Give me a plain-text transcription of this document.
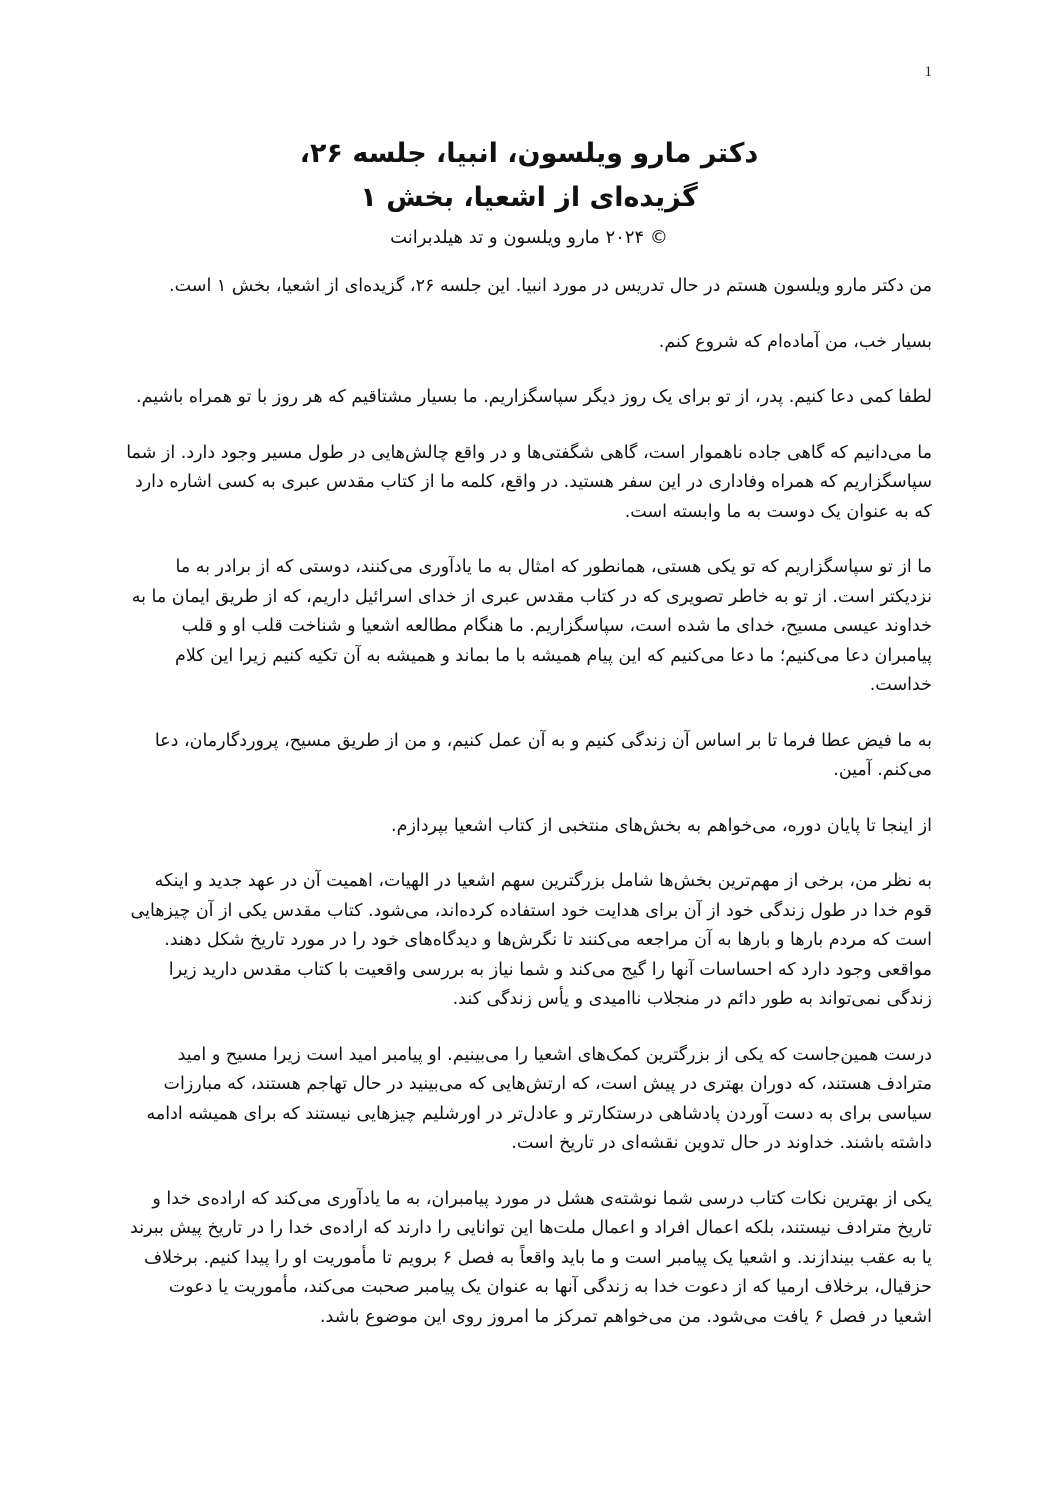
1

دکتر مارو ویلسون، انبیا، جلسه ۲۶،

گزیده‌ای از اشعیا، بخش ۱

© ۲۰۲۴ مارو ویلسون و تد هیلدبرانت

من دکتر مارو ویلسون هستم در حال تدریس در مورد انبیا. این جلسه ۲۶، گزیده‌ای از اشعیا، بخش ۱ است.

بسیار خب، من آماده‌ام که شروع کنم.

لطفا کمی دعا کنیم. پدر، از تو برای یک روز دیگر سپاسگزاریم. ما بسیار مشتاقیم که هر روز با تو همراه باشیم.

ما می‌دانیم که گاهی جاده ناهموار است، گاهی شگفتی‌ها و در واقع چالش‌هایی در طول مسیر وجود دارد. از شما سپاسگزاریم که همراه وفاداری در این سفر هستید. در واقع، کلمه ما از کتاب مقدس عبری به کسی اشاره دارد که به عنوان یک دوست به ما وابسته است.

ما از تو سپاسگزاریم که تو یکی هستی، همانطور که امثال به ما یادآوری می‌کنند، دوستی که از برادر به ما نزدیکتر است. از تو به خاطر تصویری که در کتاب مقدس عبری از خدای اسرائیل داریم، که از طریق ایمان ما به خداوند عیسی مسیح، خدای ما شده است، سپاسگزاریم. ما هنگام مطالعه اشعیا و شناخت قلب او و قلب پیامبران دعا می‌کنیم؛ ما دعا می‌کنیم که این پیام همیشه با ما بماند و همیشه به آن تکیه کنیم زیرا این کلام خداست.

به ما فیض عطا فرما تا بر اساس آن زندگی کنیم و به آن عمل کنیم، و من از طریق مسیح، پروردگارمان، دعا می‌کنم. آمین.

از اینجا تا پایان دوره، می‌خواهم به بخش‌های منتخبی از کتاب اشعیا بپردازم.

به نظر من، برخی از مهم‌ترین بخش‌ها شامل بزرگترین سهم اشعیا در الهیات، اهمیت آن در عهد جدید و اینکه قوم خدا در طول زندگی خود از آن برای هدایت خود استفاده کرده‌اند، می‌شود. کتاب مقدس یکی از آن چیزهایی است که مردم بارها و بارها به آن مراجعه می‌کنند تا نگرش‌ها و دیدگاه‌های خود را در مورد تاریخ شکل دهند. مواقعی وجود دارد که احساسات آنها را گیج می‌کند و شما نیاز به بررسی واقعیت با کتاب مقدس دارید زیرا زندگی نمی‌تواند به طور دائم در منجلاب ناامیدی و یأس زندگی کند.

درست همین‌جاست که یکی از بزرگترین کمک‌های اشعیا را می‌بینیم. او پیامبر امید است زیرا مسیح و امید مترادف هستند، که دوران بهتری در پیش است، که ارتش‌هایی که می‌بینید در حال تهاجم هستند، که مبارزات سیاسی برای به دست آوردن پادشاهی درستکارتر و عادل‌تر در اورشلیم چیزهایی نیستند که برای همیشه ادامه داشته باشند. خداوند در حال تدوین نقشه‌ای در تاریخ است.

یکی از بهترین نکات کتاب درسی شما نوشته‌ی هشل در مورد پیامبران، به ما یادآوری می‌کند که اراده‌ی خدا و تاریخ مترادف نیستند، بلکه اعمال افراد و اعمال ملت‌ها این توانایی را دارند که اراده‌ی خدا را در تاریخ پیش ببرند یا به عقب بیندازند. و اشعیا یک پیامبر است و ما باید واقعاً به فصل ۶ برویم تا مأموریت او را پیدا کنیم. برخلاف حزقیال، برخلاف ارمیا که از دعوت خدا به زندگی آنها به عنوان یک پیامبر صحبت می‌کند، مأموریت یا دعوت اشعیا در فصل ۶ یافت می‌شود. من می‌خواهم تمرکز ما امروز روی این موضوع باشد.
